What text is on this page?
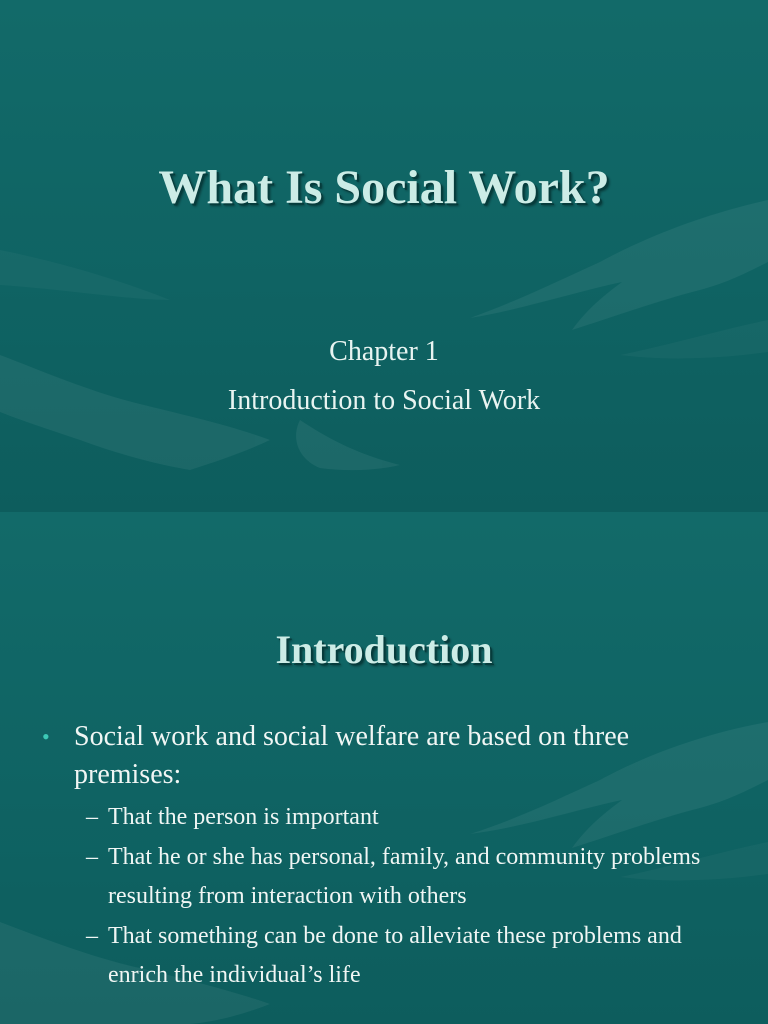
What Is Social Work?
Chapter 1
Introduction to Social Work
Introduction
• Social work and social welfare are based on three premises:
– That the person is important
– That he or she has personal, family, and community problems resulting from interaction with others
– That something can be done to alleviate these problems and enrich the individual’s life
